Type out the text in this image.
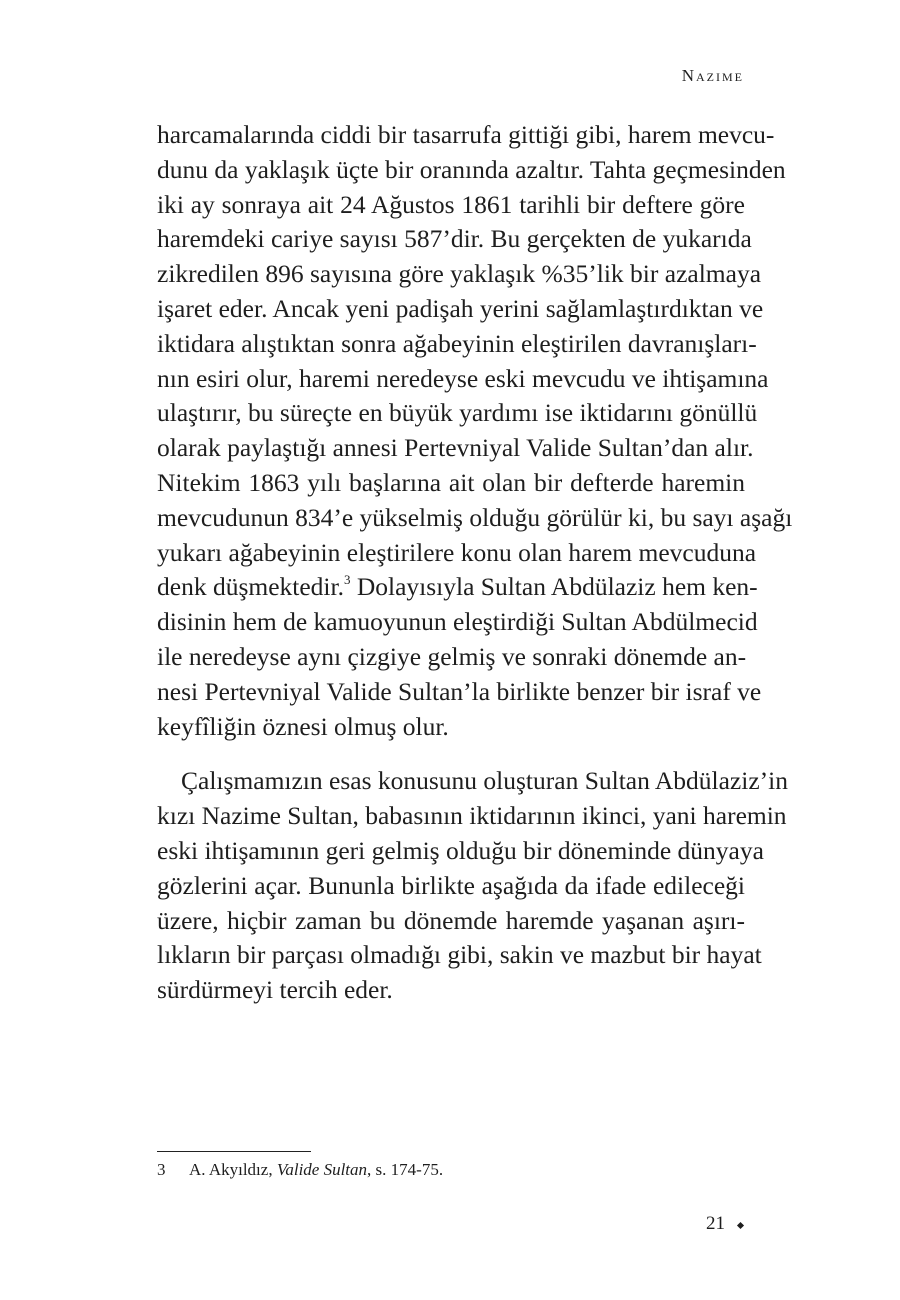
Nazime
harcamalarında ciddi bir tasarrufa gittiği gibi, harem mevcu-
dunu da yaklaşık üçte bir oranında azaltır. Tahta geçmesinden
iki ay sonraya ait 24 Ağustos 1861 tarihli bir deftere göre
haremdeki cariye sayısı 587’dir. Bu gerçekten de yukarıda
zikredilen 896 sayısına göre yaklaşık %35’lik bir azalmaya
işaret eder. Ancak yeni padişah yerini sağlamlaştırdıktan ve
iktidara alıştıktan sonra ağabeyinin eleştirilen davranışları-
nın esiri olur, haremi neredeyse eski mevcudu ve ihtişamına
ulaştırır, bu süreçte en büyük yardımı ise iktidarını gönüllü
olarak paylaştığı annesi Pertevniyal Valide Sultan’dan alır.
Nitekim 1863 yılı başlarına ait olan bir defterde haremin
mevcudunun 834’e yükselmiş olduğu görülür ki, bu sayı aşağı
yukarı ağabeyinin eleştirilere konu olan harem mevcuduna
denk düşmektedir.$^3$ Dolayısıyla Sultan Abdülaziz hem ken-
disinin hem de kamuoyunun eleştirdiği Sultan Abdülmecid
ile neredeyse aynı çizgiye gelmiş ve sonraki dönemde an-
nesi Pertevniyal Valide Sultan’la birlikte benzer bir israf ve
keyfîliğin öznesi olmuş olur.
Çalışmamızın esas konusunu oluşturan Sultan Abdülaziz’in
kızı Nazime Sultan, babasının iktidarının ikinci, yani haremin
eski ihtişamının geri gelmiş olduğu bir döneminde dünyaya
gözlerini açar. Bununla birlikte aşağıda da ifade edileceği
üzere, hiçbir zaman bu dönemde haremde yaşanan aşırı-
lıkların bir parçası olmadığı gibi, sakin ve mazbut bir hayat
sürdürmeyi tercih eder.
3 A. Akyıldız, Valide Sultan, s. 174-75.
21
